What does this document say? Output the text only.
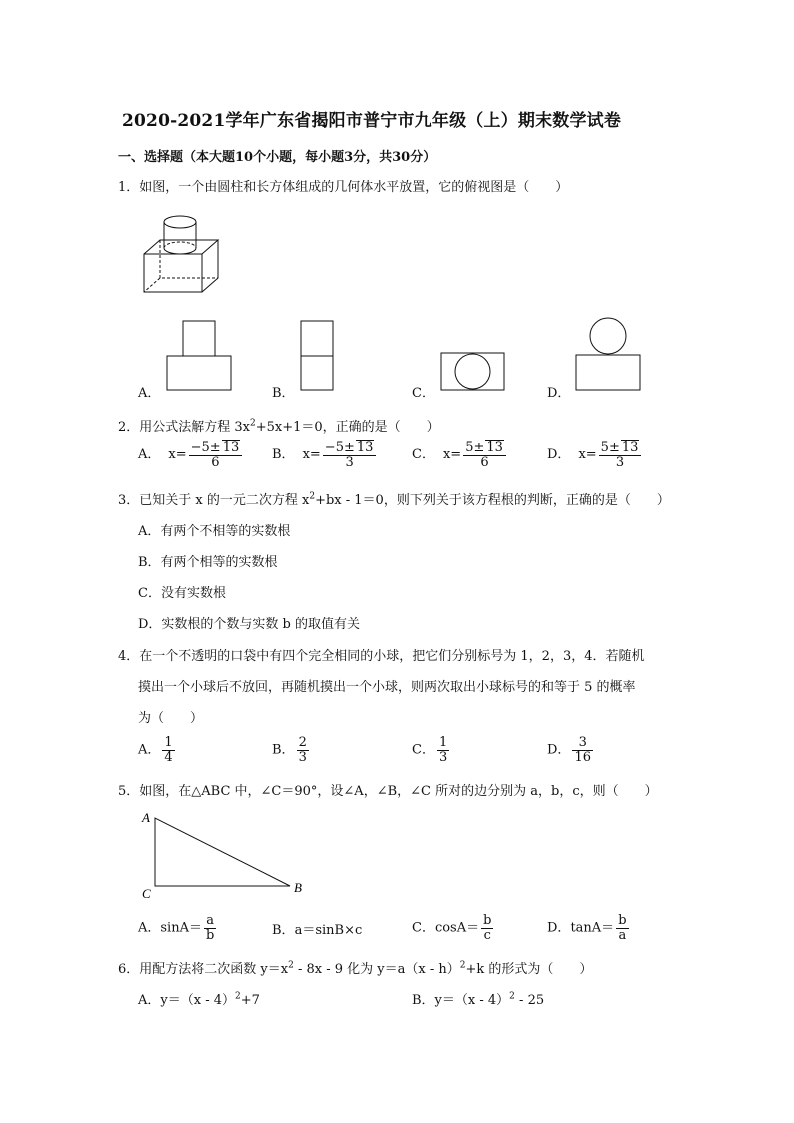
2020-2021学年广东省揭阳市普宁市九年级（上）期末数学试卷
一、选择题（本大题10个小题，每小题3分，共30分）
1．如图，一个由圆柱和长方体组成的几何体水平放置，它的俯视图是（　　）
A．	B．	C．	D．
2．用公式法解方程 $3x^2+5x+1=0$，正确的是（　　）
A． $x= \frac{-5\pm 13}{6}$ B． $x= \frac{-5\pm 13}{3}$	C． $x= \frac{5\pm 13}{6}$	D． $x= \frac{5\pm 13}{3}$
3．已知关于 x 的一元二次方程 $x^2+bx - 1=0$，则下列关于该方程根的判断，正确的是（　　）
A．有两个不相等的实数根
B．有两个相等的实数根
C．没有实数根
D．实数根的个数与实数 b 的取值有关
4．在一个不透明的口袋中有四个完全相同的小球，把它们分别标号为 1，2，3，4．若随机
摸出一个小球后不放回，再随机摸出一个小球，则两次取出小球标号的和等于 5 的概率
为（　　）
A． $\frac{1}{4}$	B． $\frac{2}{3}$	C． $\frac{1}{3}$	D． $\frac{3}{16}$
5．如图，在△ABC 中，∠C＝90°，设∠A，∠B，∠C 所对的边分别为 a，b，c，则（　　）
A
C	B
A．$\sin A= \frac{a}{b}$	B．a＝sinB×c	C．$\cos A= \frac{b}{c}$	D．$\tan A= \frac{b}{a}$
6．用配方法将二次函数 $y=x^2 - 8x - 9$ 化为 y＝a（x - h）$^2$+k 的形式为（　　）
A．y＝（x - 4）$^2$+7	B．y＝（x - 4）$^2$ - 25
